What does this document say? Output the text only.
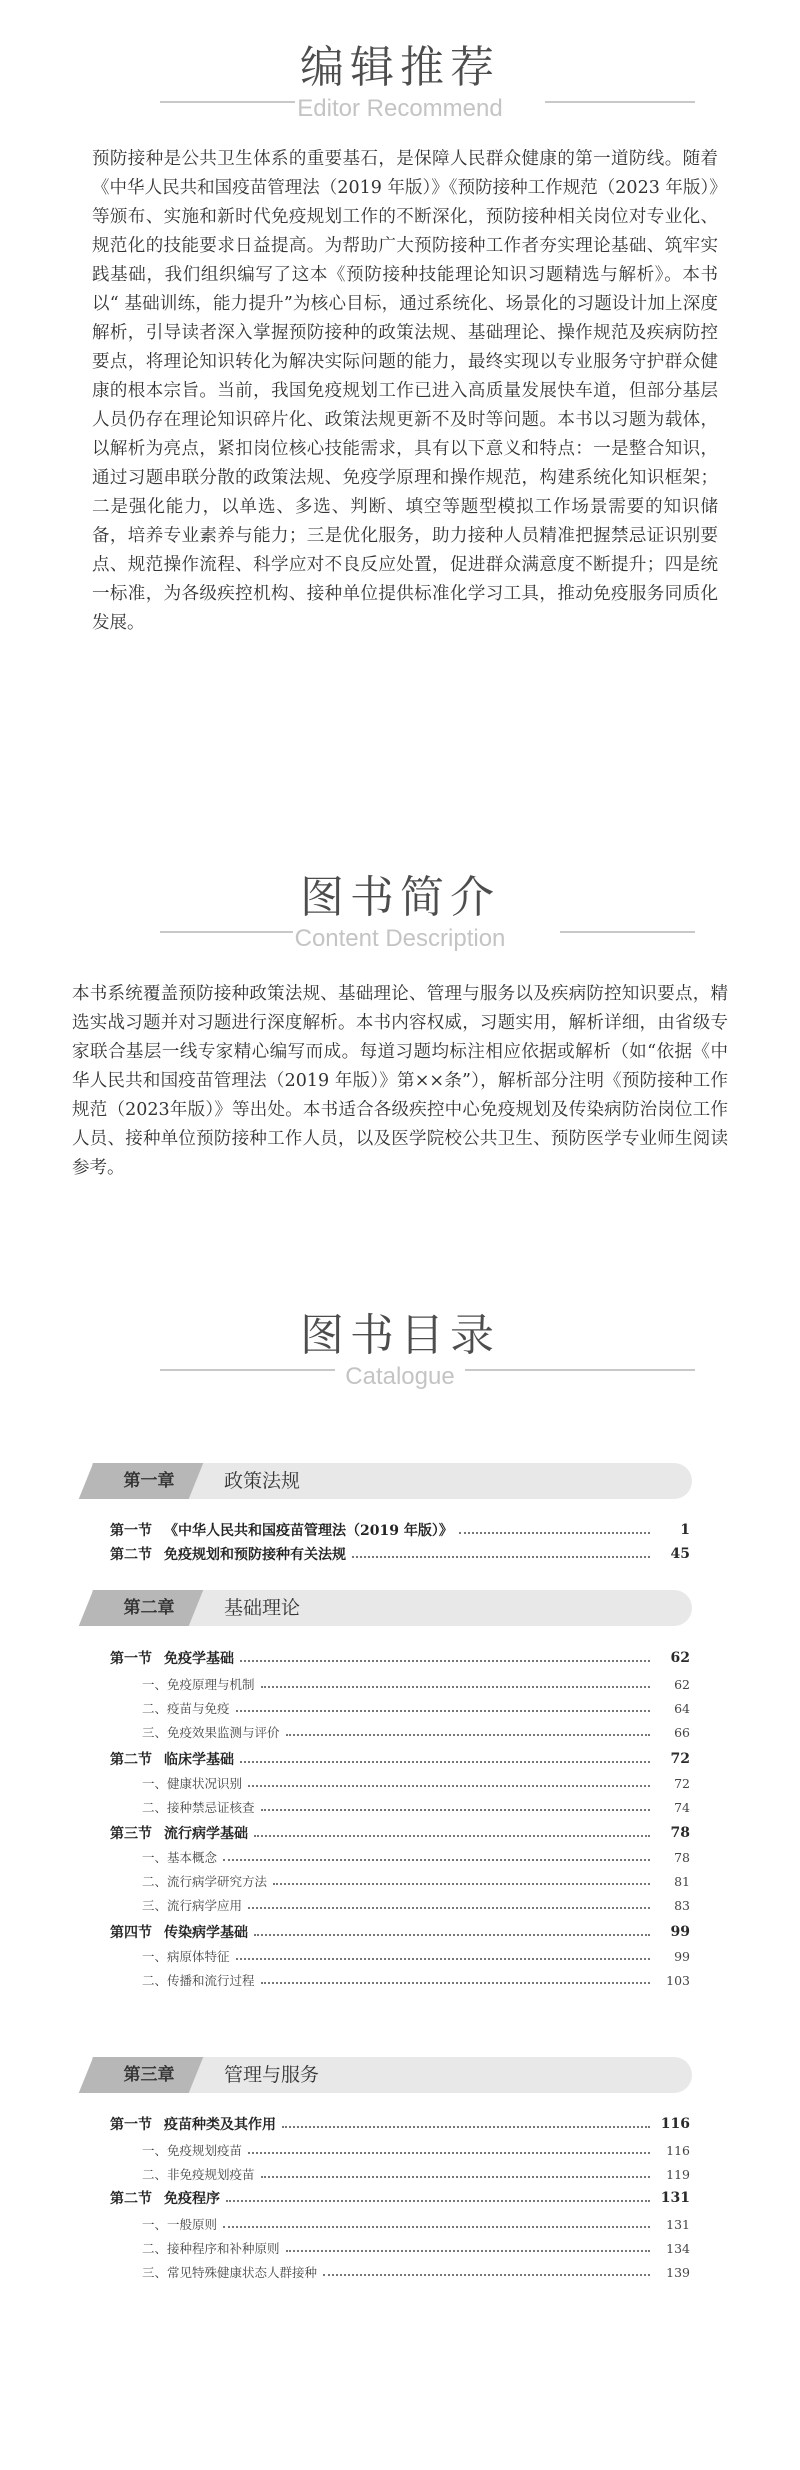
编辑推荐
Editor Recommend
预防接种是公共卫生体系的重要基石，是保障人民群众健康的第一道防线。随着《中华人民共和国疫苗管理法（2019 年版）》《预防接种工作规范（2023 年版）》等颁布、实施和新时代免疫规划工作的不断深化，预防接种相关岗位对专业化、规范化的技能要求日益提高。为帮助广大预防接种工作者夯实理论基础、筑牢实践基础，我们组织编写了这本《预防接种技能理论知识习题精选与解析》。本书以“ 基础训练，能力提升”为核心目标，通过系统化、场景化的习题设计加上深度解析，引导读者深入掌握预防接种的政策法规、基础理论、操作规范及疾病防控要点，将理论知识转化为解决实际问题的能力，最终实现以专业服务守护群众健康的根本宗旨。当前，我国免疫规划工作已进入高质量发展快车道，但部分基层人员仍存在理论知识碎片化、政策法规更新不及时等问题。本书以习题为载体，以解析为亮点，紧扣岗位核心技能需求，具有以下意义和特点：一是整合知识，通过习题串联分散的政策法规、免疫学原理和操作规范，构建系统化知识框架；二是强化能力，以单选、多选、判断、填空等题型模拟工作场景需要的知识储备，培养专业素养与能力；三是优化服务，助力接种人员精准把握禁忌证识别要点、规范操作流程、科学应对不良反应处置，促进群众满意度不断提升；四是统一标准，为各级疾控机构、接种单位提供标准化学习工具，推动免疫服务同质化发展。
图书简介
Content Description
本书系统覆盖预防接种政策法规、基础理论、管理与服务以及疾病防控知识要点，精选实战习题并对习题进行深度解析。本书内容权威，习题实用，解析详细，由省级专家联合基层一线专家精心编写而成。每道习题均标注相应依据或解析（如“依据《中华人民共和国疫苗管理法（2019 年版）》第××条”），解析部分注明《预防接种工作规范（2023年版）》等出处。本书适合各级疾控中心免疫规划及传染病防治岗位工作人员、接种单位预防接种工作人员，以及医学院校公共卫生、预防医学专业师生阅读参考。
图书目录
Catalogue
第一章	政策法规
第二章	基础理论
第三章	管理与服务
第一节 《中华人民共和国疫苗管理法（2019 年版）》	1
第二节 免疫规划和预防接种有关法规	45
第一节 免疫学基础	62
一、免疫原理与机制	62
二、疫苗与免疫	64
三、免疫效果监测与评价	66
第二节 临床学基础	72
一、健康状况识别	72
二、接种禁忌证核查	74
第三节 流行病学基础	78
一、基本概念	78
二、流行病学研究方法	81
三、流行病学应用	83
第四节 传染病学基础	99
一、病原体特征	99
二、传播和流行过程	103
第一节 疫苗种类及其作用	116
一、免疫规划疫苗	116
二、非免疫规划疫苗	119
第二节 免疫程序	131
一、一般原则	131
二、接种程序和补种原则	134
三、常见特殊健康状态人群接种	139
